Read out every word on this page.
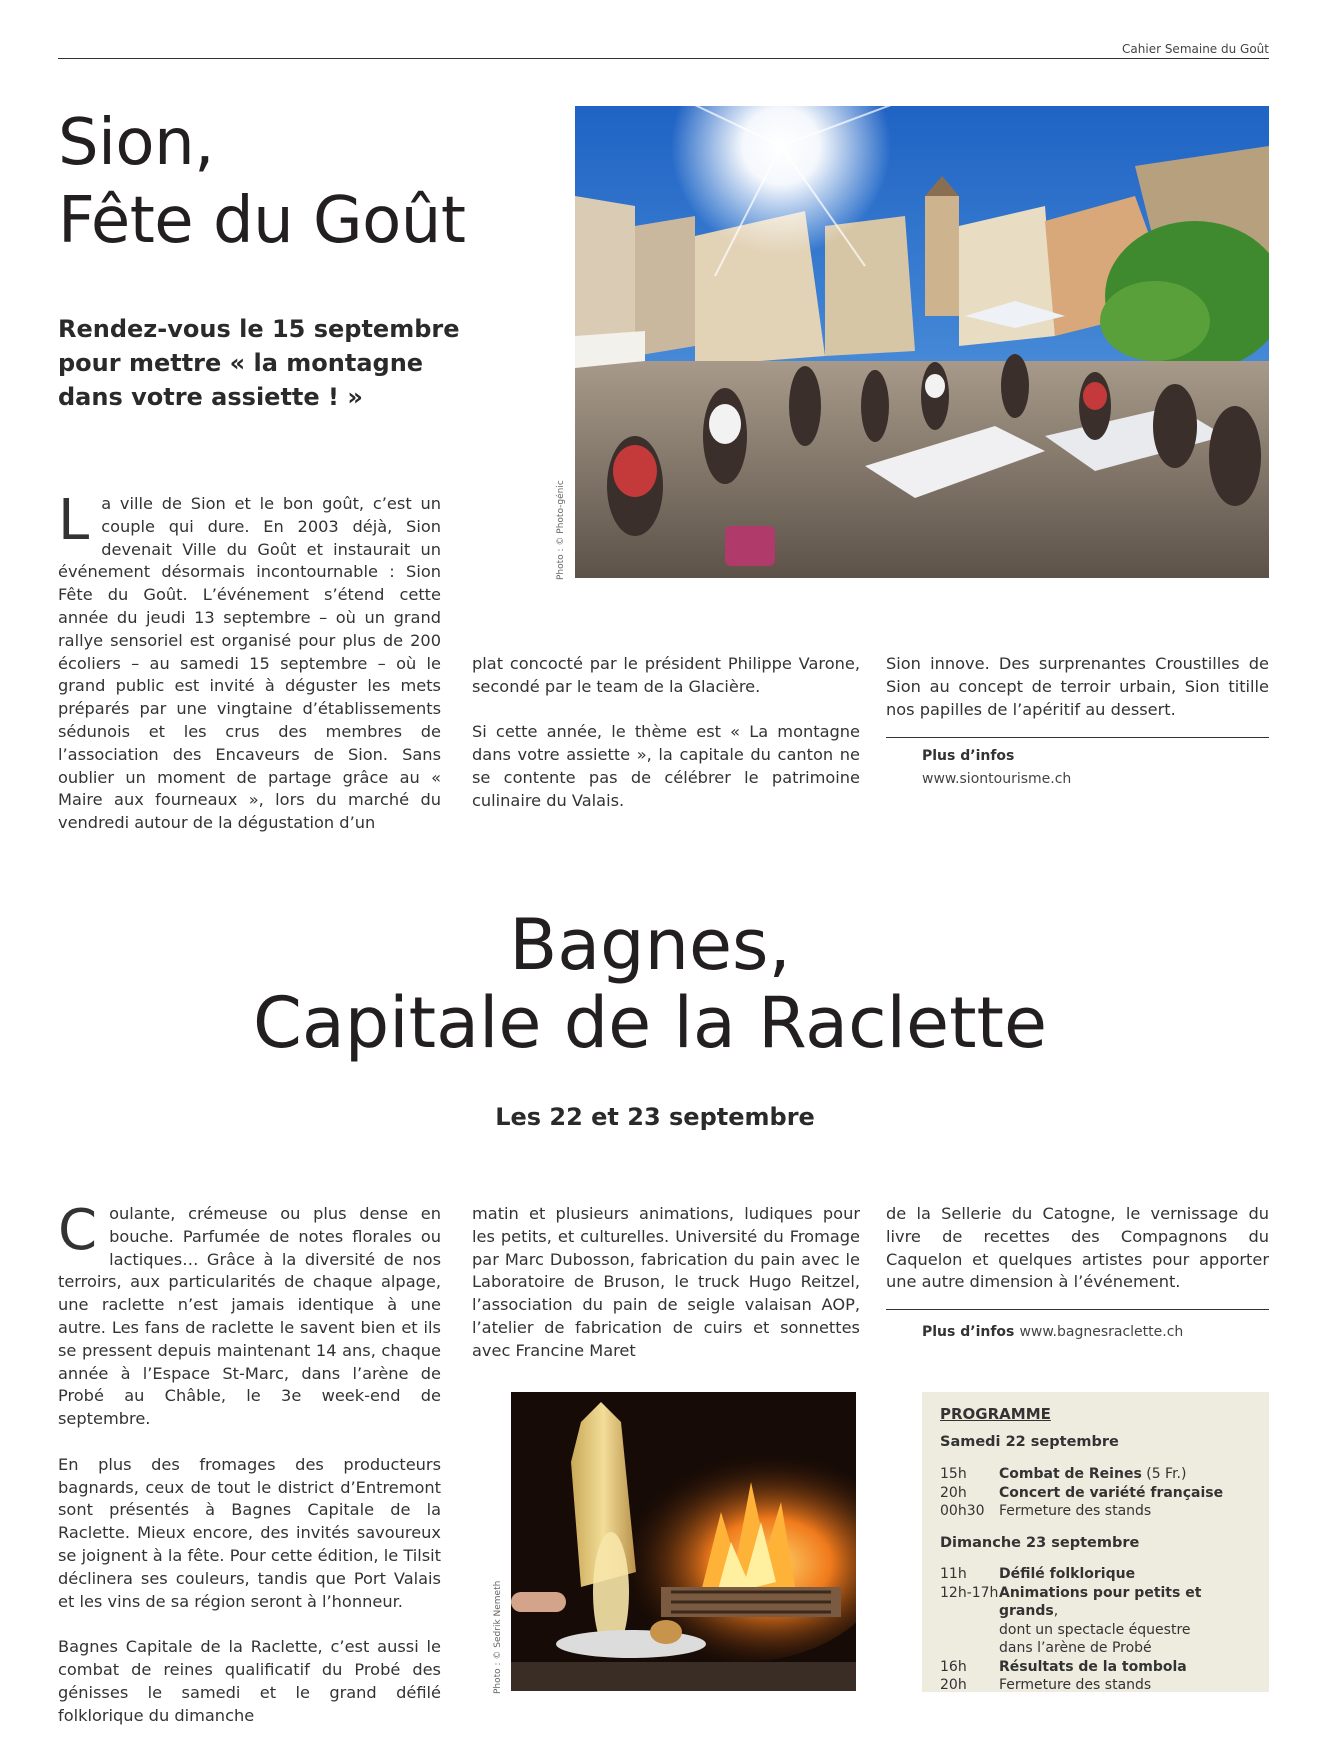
Cahier Semaine du Goût
Sion,
Fête du Goût
Rendez-vous le 15 septembre
pour mettre « la montagne
dans votre assiette ! »
Photo : © Photo-génic
La ville de Sion et le bon goût, c’est un couple qui dure. En 2003 déjà, Sion devenait Ville du Goût et instaurait un événement désormais incontournable : Sion Fête du Goût. L’événement s’étend cette année du jeudi 13 septembre – où un grand rallye sensoriel est organisé pour plus de 200 écoliers – au samedi 15 septembre – où le grand public est invité à déguster les mets préparés par une vingtaine d’établissements sédunois et les crus des membres de l’association des Encaveurs de Sion. Sans oublier un moment de partage grâce au « Maire aux fourneaux », lors du marché du vendredi autour de la dégustation d’un

plat concocté par le président Philippe Varone, secondé par le team de la Glacière.

Si cette année, le thème est « La montagne dans votre assiette », la capitale du canton ne se contente pas de célébrer le patrimoine culinaire du Valais.

Sion innove. Des surprenantes Croustilles de Sion au concept de terroir urbain, Sion titille nos papilles de l’apéritif au dessert.

Plus d’infos
www.siontourisme.ch
Bagnes,
Capitale de la Raclette
Les 22 et 23 septembre

Coulante, crémeuse ou plus dense en bouche. Parfumée de notes florales ou lactiques… Grâce à la diversité de nos terroirs, aux particularités de chaque alpage, une raclette n’est jamais identique à une autre. Les fans de raclette le savent bien et ils se pressent depuis maintenant 14 ans, chaque année à l’Espace St-Marc, dans l’arène de Probé au Châble, le 3e week-end de septembre.

En plus des fromages des producteurs bagnards, ceux de tout le district d’Entremont sont présentés à Bagnes Capitale de la Raclette. Mieux encore, des invités savoureux se joignent à la fête. Pour cette édition, le Tilsit déclinera ses couleurs, tandis que Port Valais et les vins de sa région seront à l’honneur.

Bagnes Capitale de la Raclette, c’est aussi le combat de reines qualificatif du Probé des génisses le samedi et le grand défilé folklorique du dimanche

matin et plusieurs animations, ludiques pour les petits, et culturelles. Université du Fromage par Marc Dubosson, fabrication du pain avec le Laboratoire de Bruson, le truck Hugo Reitzel, l’association du pain de seigle valaisan AOP, l’atelier de fabrication de cuirs et sonnettes avec Francine Maret

de la Sellerie du Catogne, le vernissage du livre de recettes des Compagnons du Caquelon et quelques artistes pour apporter une autre dimension à l’événement.

Plus d’infos www.bagnesraclette.ch
Photo : © Sedrik Nemeth
PROGRAMME
Samedi 22 septembre
15h	Combat de Reines (5 Fr.)
20h	Concert de variété française
00h30	Fermeture des stands
Dimanche 23 septembre
11h	Défilé folklorique
12h-17h Animations pour petits et grands,
dont un spectacle équestre
dans l’arène de Probé
16h	Résultats de la tombola
20h	Fermeture des stands
